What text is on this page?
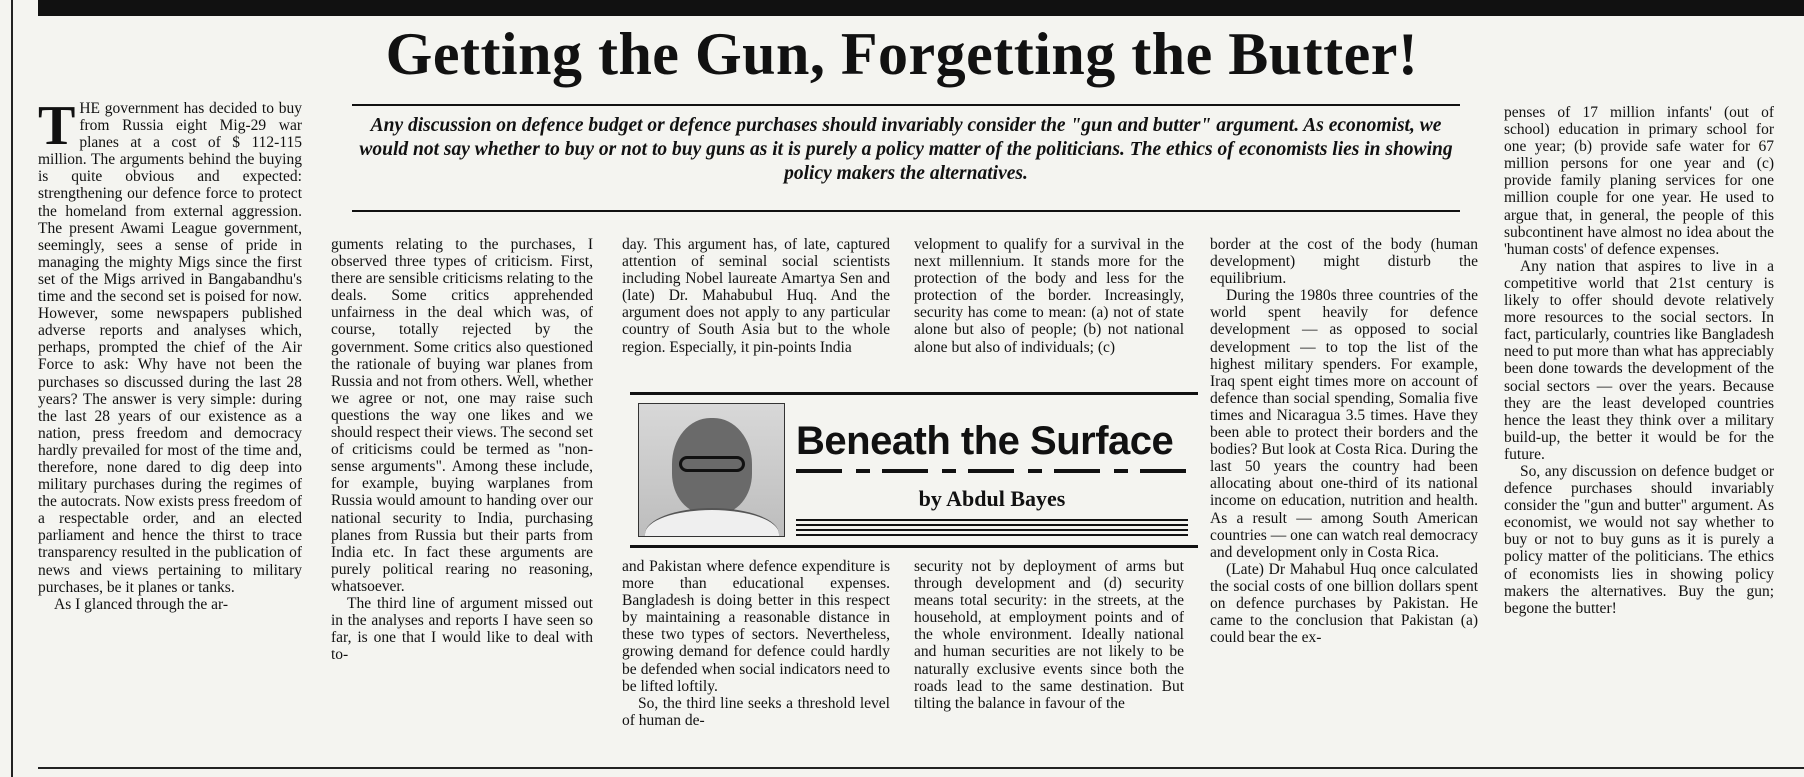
Getting the Gun, Forgetting the Butter!

THE government has decided to buy from Russia eight Mig-29 war planes at a cost of $ 112-115 million. The arguments behind the buying is quite obvious and expected: strengthening our defence force to protect the homeland from external aggression. The present Awami League government, seemingly, sees a sense of pride in managing the mighty Migs since the first set of the Migs arrived in Bangabandhu's time and the second set is poised for now. However, some newspapers published adverse reports and analyses which, perhaps, prompted the chief of the Air Force to ask: Why have not been the purchases so discussed during the last 28 years? The answer is very simple: during the last 28 years of our existence as a nation, press freedom and democracy hardly prevailed for most of the time and, therefore, none dared to dig deep into military purchases during the regimes of the autocrats. Now exists press freedom of a respectable order, and an elected parliament and hence the thirst to trace transparency resulted in the publication of news and views pertaining to military purchases, be it planes or tanks.

As I glanced through the ar-

Any discussion on defence budget or defence purchases should invariably consider the "gun and butter" argument. As economist, we would not say whether to buy or not to buy guns as it is purely a policy matter of the politicians. The ethics of economists lies in showing policy makers the alternatives.

guments relating to the purchases, I observed three types of criticism. First, there are sensible criticisms relating to the deals. Some critics apprehended unfairness in the deal which was, of course, totally rejected by the government. Some critics also questioned the rationale of buying war planes from Russia and not from others. Well, whether we agree or not, one may raise such questions the way one likes and we should respect their views. The second set of criticisms could be termed as "non-sense arguments". Among these include, for example, buying warplanes from Russia would amount to handing over our national security to India, purchasing planes from Russia but their parts from India etc. In fact these arguments are purely political rearing no reasoning, whatsoever.

The third line of argument missed out in the analyses and reports I have seen so far, is one that I would like to deal with to-

day. This argument has, of late, captured attention of seminal social scientists including Nobel laureate Amartya Sen and (late) Dr. Mahabubul Huq. And the argument does not apply to any particular country of South Asia but to the whole region. Especially, it pin-points India

velopment to qualify for a survival in the next millennium. It stands more for the protection of the body and less for the protection of the border. Increasingly, security has come to mean: (a) not of state alone but also of people; (b) not national alone but also of individuals; (c)

Beneath the Surface
by Abdul Bayes

and Pakistan where defence expenditure is more than educational expenses. Bangladesh is doing better in this respect by maintaining a reasonable distance in these two types of sectors. Nevertheless, growing demand for defence could hardly be defended when social indicators need to be lifted loftily.

So, the third line seeks a threshold level of human de-

security not by deployment of arms but through development and (d) security means total security: in the streets, at the household, at employment points and of the whole environment. Ideally national and human securities are not likely to be naturally exclusive events since both the roads lead to the same destination. But tilting the balance in favour of the

border at the cost of the body (human development) might disturb the equilibrium.

During the 1980s three countries of the world spent heavily for defence development — as opposed to social development — to top the list of the highest military spenders. For example, Iraq spent eight times more on account of defence than social spending, Somalia five times and Nicaragua 3.5 times. Have they been able to protect their borders and the bodies? But look at Costa Rica. During the last 50 years the country had been allocating about one-third of its national income on education, nutrition and health. As a result — among South American countries — one can watch real democracy and development only in Costa Rica.

(Late) Dr Mahabul Huq once calculated the social costs of one billion dollars spent on defence purchases by Pakistan. He came to the conclusion that Pakistan (a) could bear the ex-

penses of 17 million infants' (out of school) education in primary school for one year; (b) provide safe water for 67 million persons for one year and (c) provide family planing services for one million couple for one year. He used to argue that, in general, the people of this subcontinent have almost no idea about the 'human costs' of defence expenses.

Any nation that aspires to live in a competitive world that 21st century is likely to offer should devote relatively more resources to the social sectors. In fact, particularly, countries like Bangladesh need to put more than what has appreciably been done towards the development of the social sectors — over the years. Because they are the least developed countries hence the least they think over a military build-up, the better it would be for the future.

So, any discussion on defence budget or defence purchases should invariably consider the "gun and butter" argument. As economist, we would not say whether to buy or not to buy guns as it is purely a policy matter of the politicians. The ethics of economists lies in showing policy makers the alternatives. Buy the gun; begone the butter!
